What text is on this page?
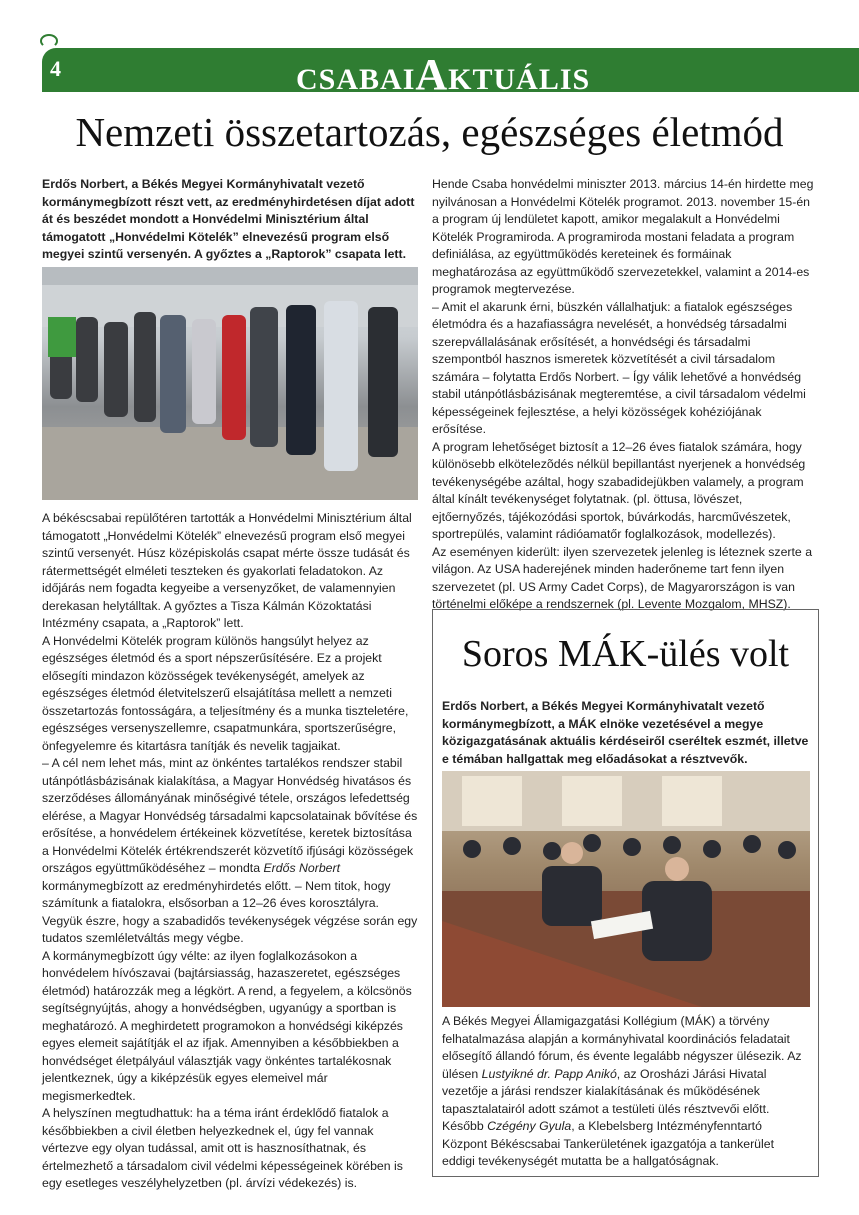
4	CSABAIAKTUÁLIS
Nemzeti összetartozás, egészséges életmód

Erdős Norbert, a Békés Megyei Kormányhivatalt vezető kormánymegbízott részt vett, az eredményhirdetésen díjat adott át és beszédet mondott a Honvédelmi Minisztérium által támogatott „Honvédelmi Kötelék” elnevezésű program első megyei szintű versenyén. A győztes a „Raptorok” csapata lett.

A békéscsabai repülőtéren tartották a Honvédelmi Minisztérium által támogatott „Honvédelmi Kötelék” elnevezésű program első megyei szintű versenyét. Húsz középiskolás csapat mérte össze tudását és rátermettségét elméleti teszteken és gyakorlati feladatokon. Az időjárás nem fogadta kegyeibe a versenyzőket, de valamennyien derekasan helytálltak. A győztes a Tisza Kálmán Közoktatási Intézmény csapata, a „Raptorok” lett.

A Honvédelmi Kötelék program különös hangsúlyt helyez az egészséges életmód és a sport népszerűsítésére. Ez a projekt elősegíti mindazon közösségek tevékenységét, amelyek az egészséges életmód életvitelszerű elsajátítása mellett a nemzeti összetartozás fontosságára, a teljesítmény és a munka tiszteletére, egészséges versenyszellemre, csapatmunkára, sportszerűségre, önfegyelemre és kitartásra tanítják és nevelik tagjaikat.

– A cél nem lehet más, mint az önkéntes tartalékos rendszer stabil utánpótlásbázisának kialakítása, a Magyar Honvédség hivatásos és szerződéses állományának minőségivé tétele, országos lefedettség elérése, a Magyar Honvédség társadalmi kapcsolatainak bővítése és erősítése, a honvédelem értékeinek közvetítése, keretek biztosítása a Honvédelmi Kötelék értékrendszerét közvetítő ifjúsági közösségek országos együttműködéséhez – mondta Erdős Norbert kormánymegbízott az eredményhirdetés előtt. – Nem titok, hogy számítunk a fiatalokra, elsősorban a 12–26 éves korosztályra. Vegyük észre, hogy a szabadidős tevékenységek végzése során egy tudatos szemléletváltás megy végbe.

A kormánymegbízott úgy vélte: az ilyen foglalkozásokon a honvédelem hívószavai (bajtársiasság, hazaszeretet, egészséges életmód) határozzák meg a légkört. A rend, a fegyelem, a kölcsönös segítségnyújtás, ahogy a honvédségben, ugyanúgy a sportban is meghatározó. A meghirdetett programokon a honvédségi kiképzés egyes elemeit sajátítják el az ifjak. Amennyiben a későbbiekben a honvédséget életpályául választják vagy önkéntes tartalékosnak jelentkeznek, úgy a kiképzésük egyes elemeivel már megismerkedtek.

A helyszínen megtudhattuk: ha a téma iránt érdeklődő fiatalok a későbbiekben a civil életben helyezkednek el, úgy fel vannak vértezve egy olyan tudással, amit ott is hasznosíthatnak, és értelmezhető a társadalom civil védelmi képességeinek körében is egy esetleges veszélyhelyzetben (pl. árvízi védekezés) is.

Hende Csaba honvédelmi miniszter 2013. március 14-én hirdette meg nyilvánosan a Honvédelmi Kötelék programot. 2013. november 15-én a program új lendületet kapott, amikor megalakult a Honvédelmi Kötelék Programiroda. A programiroda mostani feladata a program definiálása, az együttműködés kereteinek és formáinak meghatározása az együttműködő szervezetekkel, valamint a 2014-es programok megtervezése.

– Amit el akarunk érni, büszkén vállalhatjuk: a fiatalok egészséges életmódra és a hazafiasságra nevelését, a honvédség társadalmi szerepvállalásának erősítését, a honvédségi és társadalmi szempontból hasznos ismeretek közvetítését a civil társadalom számára – folytatta Erdős Norbert. – Így válik lehetővé a honvédség stabil utánpótlásbázisának megteremtése, a civil társadalom védelmi képességeinek fejlesztése, a helyi közösségek kohéziójának erősítése.

A program lehetőséget biztosít a 12–26 éves fiatalok számára, hogy különösebb elkötelezõdés nélkül bepillantást nyerjenek a honvédség tevékenységébe azáltal, hogy szabadidejükben valamely, a program által kínált tevékenységet folytatnak. (pl. öttusa, lövészet, ejtőernyőzés, tájékozódási sportok, búvárkodás, harcművészetek, sportrepülés, valamint rádióamatőr foglalkozások, modellezés).

Az eseményen kiderült: ilyen szervezetek jelenleg is léteznek szerte a világon. Az USA haderejének minden haderőneme tart fenn ilyen szervezetet (pl. US Army Cadet Corps), de Magyarországon is van történelmi előképe a rendszernek (pl. Levente Mozgalom, MHSZ).

Soros MÁK-ülés volt

Erdős Norbert, a Békés Megyei Kormányhivatalt vezető kormánymegbízott, a MÁK elnöke vezetésével a megye közigazgatásának aktuális kérdéseiről cseréltek eszmét, illetve e témában hallgattak meg előadásokat a résztvevők.

A Békés Megyei Államigazgatási Kollégium (MÁK) a törvény felhatalmazása alapján a kormányhivatal koordinációs feladatait elősegítő állandó fórum, és évente legalább négyszer ülésezik. Az ülésen Lustyikné dr. Papp Anikó, az Orosházi Járási Hivatal vezetője a járási rendszer kialakításának és működésének tapasztalatairól adott számot a testületi ülés résztvevői előtt. Később Czégény Gyula, a Klebelsberg Intézményfenntartó Központ Békéscsabai Tankerületének igazgatója a tankerület eddigi tevékenységét mutatta be a hallgatóságnak.
